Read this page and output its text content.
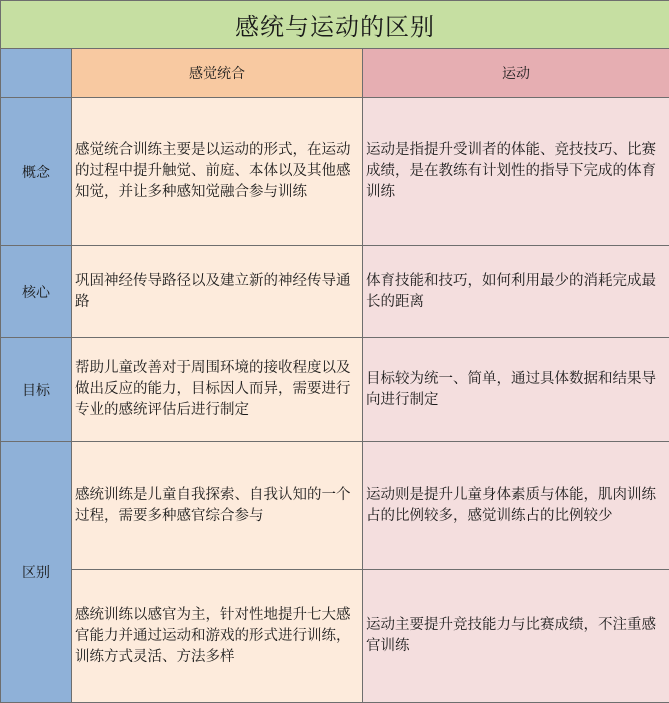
感统与运动的区别		
	感觉统合	运动
概念	感觉统合训练主要是以运动的形式，在运动的过程中提升触觉、前庭、本体以及其他感知觉，并让多种感知觉融合参与训练	运动是指提升受训者的体能、竞技技巧、比赛成绩，是在教练有计划性的指导下完成的体育训练
核心	巩固神经传导路径以及建立新的神经传导通路	体育技能和技巧，如何利用最少的消耗完成最长的距离
目标	帮助儿童改善对于周围环境的接收程度以及做出反应的能力，目标因人而异，需要进行专业的感统评估后进行制定	目标较为统一、简单，通过具体数据和结果导向进行制定
区别	感统训练是儿童自我探索、自我认知的一个过程，需要多种感官综合参与	运动则是提升儿童身体素质与体能，肌肉训练占的比例较多，感觉训练占的比例较少
	感统训练以感官为主，针对性地提升七大感官能力并通过运动和游戏的形式进行训练，训练方式灵活、方法多样	运动主要提升竞技能力与比赛成绩，不注重感官训练
